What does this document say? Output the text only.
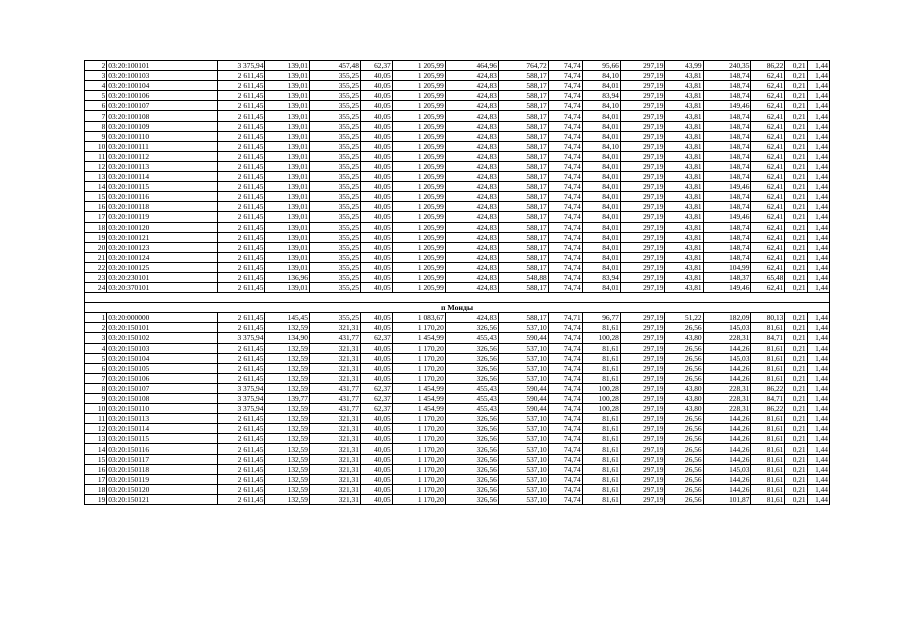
2	03:20:100101	3 375,94	139,01	457,48	62,37	1 205,99	464,96	764,72	74,74	95,66	297,19	43,99	240,35	86,22	0,21	1,44
3	03:20:100103	2 611,45	139,01	355,25	40,05	1 205,99	424,83	588,17	74,74	84,10	297,19	43,81	148,74	62,41	0,21	1,44
4	03:20:100104	2 611,45	139,01	355,25	40,05	1 205,99	424,83	588,17	74,74	84,01	297,19	43,81	148,74	62,41	0,21	1,44
5	03:20:100106	2 611,45	139,01	355,25	40,05	1 205,99	424,83	588,17	74,74	83,94	297,19	43,81	148,74	62,41	0,21	1,44
6	03:20:100107	2 611,45	139,01	355,25	40,05	1 205,99	424,83	588,17	74,74	84,10	297,19	43,81	149,46	62,41	0,21	1,44
7	03:20:100108	2 611,45	139,01	355,25	40,05	1 205,99	424,83	588,17	74,74	84,01	297,19	43,81	148,74	62,41	0,21	1,44
8	03:20:100109	2 611,45	139,01	355,25	40,05	1 205,99	424,83	588,17	74,74	84,01	297,19	43,81	148,74	62,41	0,21	1,44
9	03:20:100110	2 611,45	139,01	355,25	40,05	1 205,99	424,83	588,17	74,74	84,01	297,19	43,81	148,74	62,41	0,21	1,44
10	03:20:100111	2 611,45	139,01	355,25	40,05	1 205,99	424,83	588,17	74,74	84,10	297,19	43,81	148,74	62,41	0,21	1,44
11	03:20:100112	2 611,45	139,01	355,25	40,05	1 205,99	424,83	588,17	74,74	84,01	297,19	43,81	148,74	62,41	0,21	1,44
12	03:20:100113	2 611,45	139,01	355,25	40,05	1 205,99	424,83	588,17	74,74	84,01	297,19	43,81	148,74	62,41	0,21	1,44
13	03:20:100114	2 611,45	139,01	355,25	40,05	1 205,99	424,83	588,17	74,74	84,01	297,19	43,81	148,74	62,41	0,21	1,44
14	03:20:100115	2 611,45	139,01	355,25	40,05	1 205,99	424,83	588,17	74,74	84,01	297,19	43,81	149,46	62,41	0,21	1,44
15	03:20:100116	2 611,45	139,01	355,25	40,05	1 205,99	424,83	588,17	74,74	84,01	297,19	43,81	148,74	62,41	0,21	1,44
16	03:20:100118	2 611,45	139,01	355,25	40,05	1 205,99	424,83	588,17	74,74	84,01	297,19	43,81	148,74	62,41	0,21	1,44
17	03:20:100119	2 611,45	139,01	355,25	40,05	1 205,99	424,83	588,17	74,74	84,01	297,19	43,81	149,46	62,41	0,21	1,44
18	03:20:100120	2 611,45	139,01	355,25	40,05	1 205,99	424,83	588,17	74,74	84,01	297,19	43,81	148,74	62,41	0,21	1,44
19	03:20:100121	2 611,45	139,01	355,25	40,05	1 205,99	424,83	588,17	74,74	84,01	297,19	43,81	148,74	62,41	0,21	1,44
20	03:20:100123	2 611,45	139,01	355,25	40,05	1 205,99	424,83	588,17	74,74	84,01	297,19	43,81	148,74	62,41	0,21	1,44
21	03:20:100124	2 611,45	139,01	355,25	40,05	1 205,99	424,83	588,17	74,74	84,01	297,19	43,81	148,74	62,41	0,21	1,44
22	03:20:100125	2 611,45	139,01	355,25	40,05	1 205,99	424,83	588,17	74,74	84,01	297,19	43,81	104,99	62,41	0,21	1,44
23	03:20:230101	2 611,45	136,96	355,25	40,05	1 205,99	424,83	548,88	74,74	83,94	297,19	43,81	148,37	65,48	0,21	1,44
24	03:20:370101	2 611,45	139,01	355,25	40,05	1 205,99	424,83	588,17	74,74	84,01	297,19	43,81	149,46	62,41	0,21	1,44

п Монды																
1	03:20:000000	2 611,45	145,45	355,25	40,05	1 083,67	424,83	588,17	74,71	96,77	297,19	51,22	182,09	80,13	0,21	1,44
2	03:20:150101	2 611,45	132,59	321,31	40,05	1 170,20	326,56	537,10	74,74	81,61	297,19	26,56	145,03	81,61	0,21	1,44
3	03:20:150102	3 375,94	134,90	431,77	62,37	1 454,99	455,43	590,44	74,74	100,28	297,19	43,80	228,31	84,71	0,21	1,44
4	03:20:150103	2 611,45	132,59	321,31	40,05	1 170,20	326,56	537,10	74,74	81,61	297,19	26,56	144,26	81,61	0,21	1,44
5	03:20:150104	2 611,45	132,59	321,31	40,05	1 170,20	326,56	537,10	74,74	81,61	297,19	26,56	145,03	81,61	0,21	1,44
6	03:20:150105	2 611,45	132,59	321,31	40,05	1 170,20	326,56	537,10	74,74	81,61	297,19	26,56	144,26	81,61	0,21	1,44
7	03:20:150106	2 611,45	132,59	321,31	40,05	1 170,20	326,56	537,10	74,74	81,61	297,19	26,56	144,26	81,61	0,21	1,44
8	03:20:150107	3 375,94	132,59	431,77	62,37	1 454,99	455,43	590,44	74,74	100,28	297,19	43,80	228,31	86,22	0,21	1,44
9	03:20:150108	3 375,94	139,77	431,77	62,37	1 454,99	455,43	590,44	74,74	100,28	297,19	43,80	228,31	84,71	0,21	1,44
10	03:20:150110	3 375,94	132,59	431,77	62,37	1 454,99	455,43	590,44	74,74	100,28	297,19	43,80	228,31	86,22	0,21	1,44
11	03:20:150113	2 611,45	132,59	321,31	40,05	1 170,20	326,56	537,10	74,74	81,61	297,19	26,56	144,26	81,61	0,21	1,44
12	03:20:150114	2 611,45	132,59	321,31	40,05	1 170,20	326,56	537,10	74,74	81,61	297,19	26,56	144,26	81,61	0,21	1,44
13	03:20:150115	2 611,45	132,59	321,31	40,05	1 170,20	326,56	537,10	74,74	81,61	297,19	26,56	144,26	81,61	0,21	1,44
14	03:20:150116	2 611,45	132,59	321,31	40,05	1 170,20	326,56	537,10	74,74	81,61	297,19	26,56	144,26	81,61	0,21	1,44
15	03:20:150117	2 611,45	132,59	321,31	40,05	1 170,20	326,56	537,10	74,74	81,61	297,19	26,56	144,26	81,61	0,21	1,44
16	03:20:150118	2 611,45	132,59	321,31	40,05	1 170,20	326,56	537,10	74,74	81,61	297,19	26,56	145,03	81,61	0,21	1,44
17	03:20:150119	2 611,45	132,59	321,31	40,05	1 170,20	326,56	537,10	74,74	81,61	297,19	26,56	144,26	81,61	0,21	1,44
18	03:20:150120	2 611,45	132,59	321,31	40,05	1 170,20	326,56	537,10	74,74	81,61	297,19	26,56	144,26	81,61	0,21	1,44
19	03:20:150121	2 611,45	132,59	321,31	40,05	1 170,20	326,56	537,10	74,74	81,61	297,19	26,56	101,87	81,61	0,21	1,44
